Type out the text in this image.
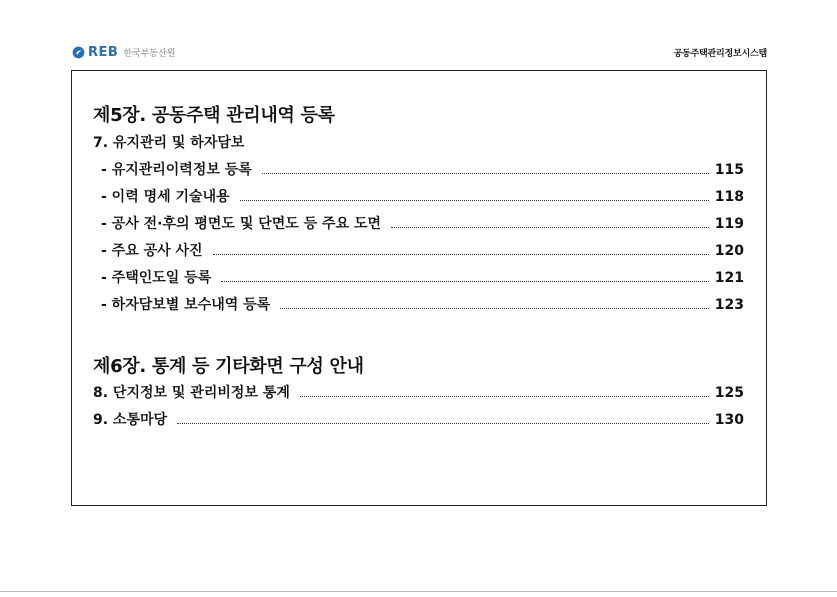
REB 한국부동산원	공동주택관리정보시스템
제5장. 공동주택 관리내역 등록
7. 유지관리 및 하자담보
- 유지관리이력정보 등록	115
- 이력 명세 기술내용	118
- 공사 전·후의 평면도 및 단면도 등 주요 도면	119
- 주요 공사 사진	120
- 주택인도일 등록	121
- 하자담보별 보수내역 등록	123
제6장. 통계 등 기타화면 구성 안내
8. 단지정보 및 관리비정보 통계	125
9. 소통마당	130
